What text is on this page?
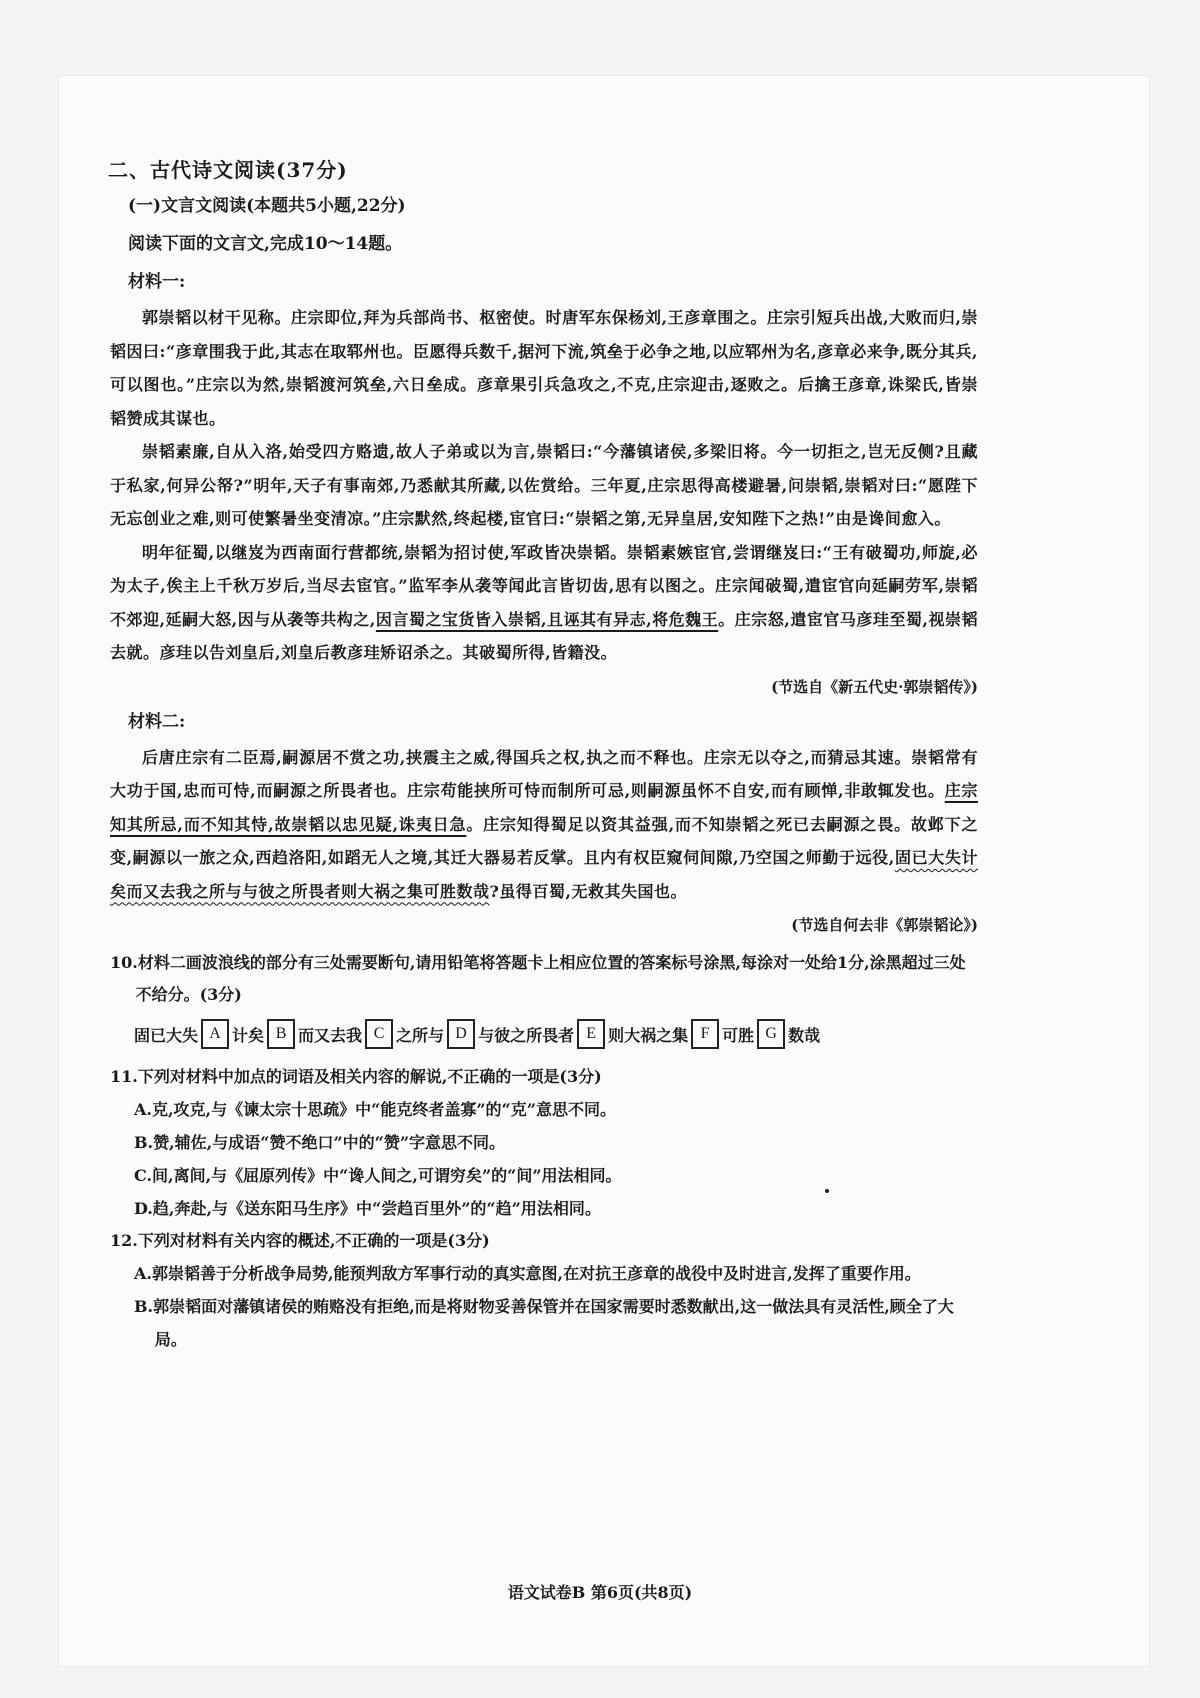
二、古代诗文阅读(37分)
(一)文言文阅读(本题共5小题,22分)
阅读下面的文言文,完成10～14题。
材料一:

郭崇韬以材干见称。庄宗即位,拜为兵部尚书、枢密使。时唐军东保杨刘,王彦章围之。庄宗引短兵出战,大败而归,崇韬因曰:“彦章围我于此,其志在取郓州也。臣愿得兵数千,据河下流,筑垒于必争之地,以应郓州为名,彦章必来争,既分其兵,可以图也。”庄宗以为然,崇韬渡河筑垒,六日垒成。彦章果引兵急攻之,不克,庄宗迎击,逐败之。后擒王彦章,诛梁氏,皆崇韬赞成其谋也。

崇韬素廉,自从入洛,始受四方赂遗,故人子弟或以为言,崇韬曰:“今藩镇诸侯,多梁旧将。今一切拒之,岂无反侧?且藏于私家,何异公帑?”明年,天子有事南郊,乃悉献其所藏,以佐赏给。三年夏,庄宗思得高楼避暑,问崇韬,崇韬对曰:“愿陛下无忘创业之难,则可使繁暑坐变清凉。”庄宗默然,终起楼,宦官曰:“崇韬之第,无异皇居,安知陛下之热!”由是谗间愈入。

明年征蜀,以继岌为西南面行营都统,崇韬为招讨使,军政皆决崇韬。崇韬素嫉宦官,尝谓继岌曰:“王有破蜀功,师旋,必为太子,俟主上千秋万岁后,当尽去宦官。”监军李从袭等闻此言皆切齿,思有以图之。庄宗闻破蜀,遣宦官向延嗣劳军,崇韬不郊迎,延嗣大怒,因与从袭等共构之,因言蜀之宝货皆入崇韬,且诬其有异志,将危魏王。庄宗怒,遣宦官马彦珪至蜀,视崇韬去就。彦珪以告刘皇后,刘皇后教彦珪矫诏杀之。其破蜀所得,皆籍没。

(节选自《新五代史·郭崇韬传》)
材料二:

后唐庄宗有二臣焉,嗣源居不赏之功,挟震主之威,得国兵之权,执之而不释也。庄宗无以夺之,而猜忌其速。崇韬常有大功于国,忠而可恃,而嗣源之所畏者也。庄宗苟能挟所可恃而制所可忌,则嗣源虽怀不自安,而有顾惮,非敢辄发也。庄宗知其所忌,而不知其恃,故崇韬以忠见疑,诛夷日急。庄宗知得蜀足以资其益强,而不知崇韬之死已去嗣源之畏。故邺下之变,嗣源以一旅之众,西趋洛阳,如蹈无人之境,其迁大器易若反掌。且内有权臣窥伺间隙,乃空国之师勤于远役,固已大失计矣而又去我之所与与彼之所畏者则大祸之集可胜数哉?虽得百蜀,无救其失国也。

(节选自何去非《郭崇韬论》)

10.材料二画波浪线的部分有三处需要断句,请用铅笔将答题卡上相应位置的答案标号涂黑,每涂对一处给1分,涂黑超过三处不给分。(3分)

固已大失 A 计矣 B 而又去我 C 之所与 D 与彼之所畏者 E 则大祸之集 F 可胜 G 数哉

11.下列对材料中加点的词语及相关内容的解说,不正确的一项是(3分)

A.克,攻克,与《谏太宗十思疏》中“能克终者盖寡”的“克”意思不同。

B.赞,辅佐,与成语“赞不绝口”中的“赞”字意思不同。

C.间,离间,与《屈原列传》中“谗人间之,可谓穷矣”的“间”用法相同。

D.趋,奔赴,与《送东阳马生序》中“尝趋百里外”的“趋”用法相同。

12.下列对材料有关内容的概述,不正确的一项是(3分)

A.郭崇韬善于分析战争局势,能预判敌方军事行动的真实意图,在对抗王彦章的战役中及时进言,发挥了重要作用。

B.郭崇韬面对藩镇诸侯的贿赂没有拒绝,而是将财物妥善保管并在国家需要时悉数献出,这一做法具有灵活性,顾全了大局。

语文试卷B 第6页(共8页)
